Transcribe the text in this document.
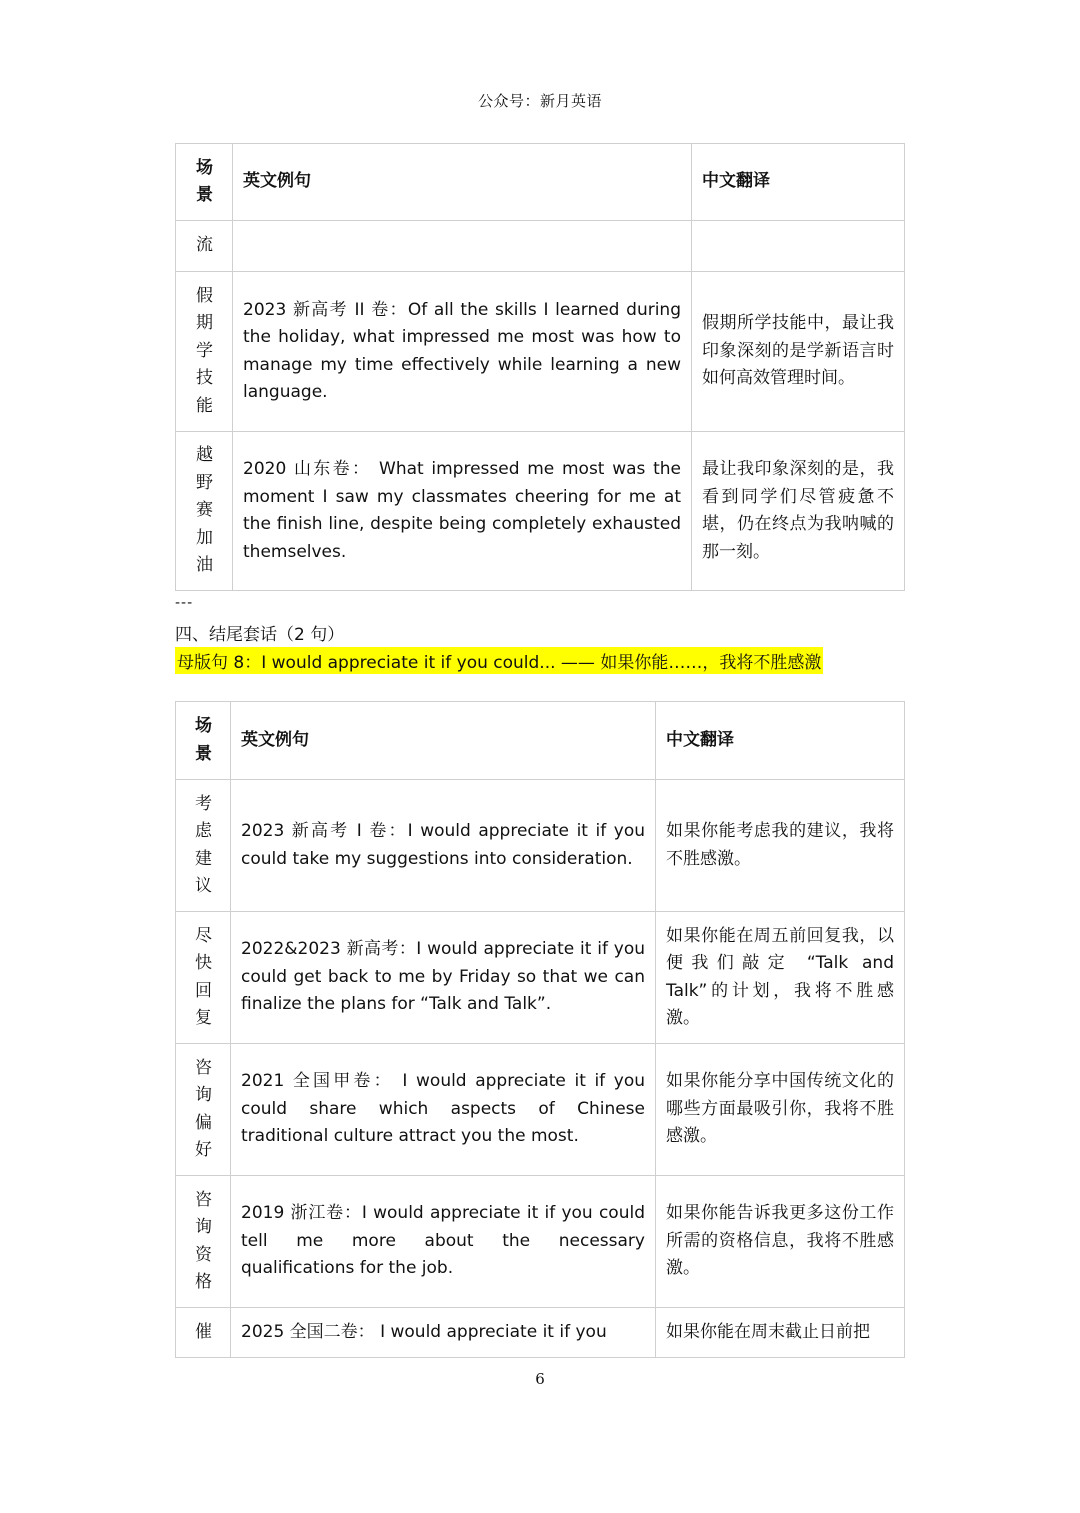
公众号：新月英语
场景	英文例句	中文翻译

流		

假期学技能	2023 新高考 II 卷：Of all the skills I learned during the holiday, what impressed me most was how to manage my time effectively while learning a new language.	假期所学技能中，最让我印象深刻的是学新语言时如何高效管理时间。

越野赛加油	2020 山东卷： What impressed me most was the moment I saw my classmates cheering for me at the finish line, despite being completely exhausted themselves.	最让我印象深刻的是，我看到同学们尽管疲惫不堪，仍在终点为我呐喊的那一刻。
---
四、结尾套话（2 句）
母版句 8：I would appreciate it if you could... —— 如果你能……，我将不胜感激
场景	英文例句	中文翻译

考虑建议	2023 新高考 I 卷：I would appreciate it if you could take my suggestions into consideration.	如果你能考虑我的建议，我将不胜感激。

尽快回复	2022&2023 新高考：I would appreciate it if you could get back to me by Friday so that we can finalize the plans for “Talk and Talk”.	如果你能在周五前回复我，以便我们敲定 “Talk and Talk”的计划，我将不胜感激。

咨询偏好	2021 全国甲卷： I would appreciate it if you could share which aspects of Chinese traditional culture attract you the most.	如果你能分享中国传统文化的哪些方面最吸引你，我将不胜感激。

咨询资格	2019 浙江卷：I would appreciate it if you could tell me more about the necessary qualifications for the job.	如果你能告诉我更多这份工作所需的资格信息，我将不胜感激。

催	2025 全国二卷： I would appreciate it if you	如果你能在周末截止日前把
6
